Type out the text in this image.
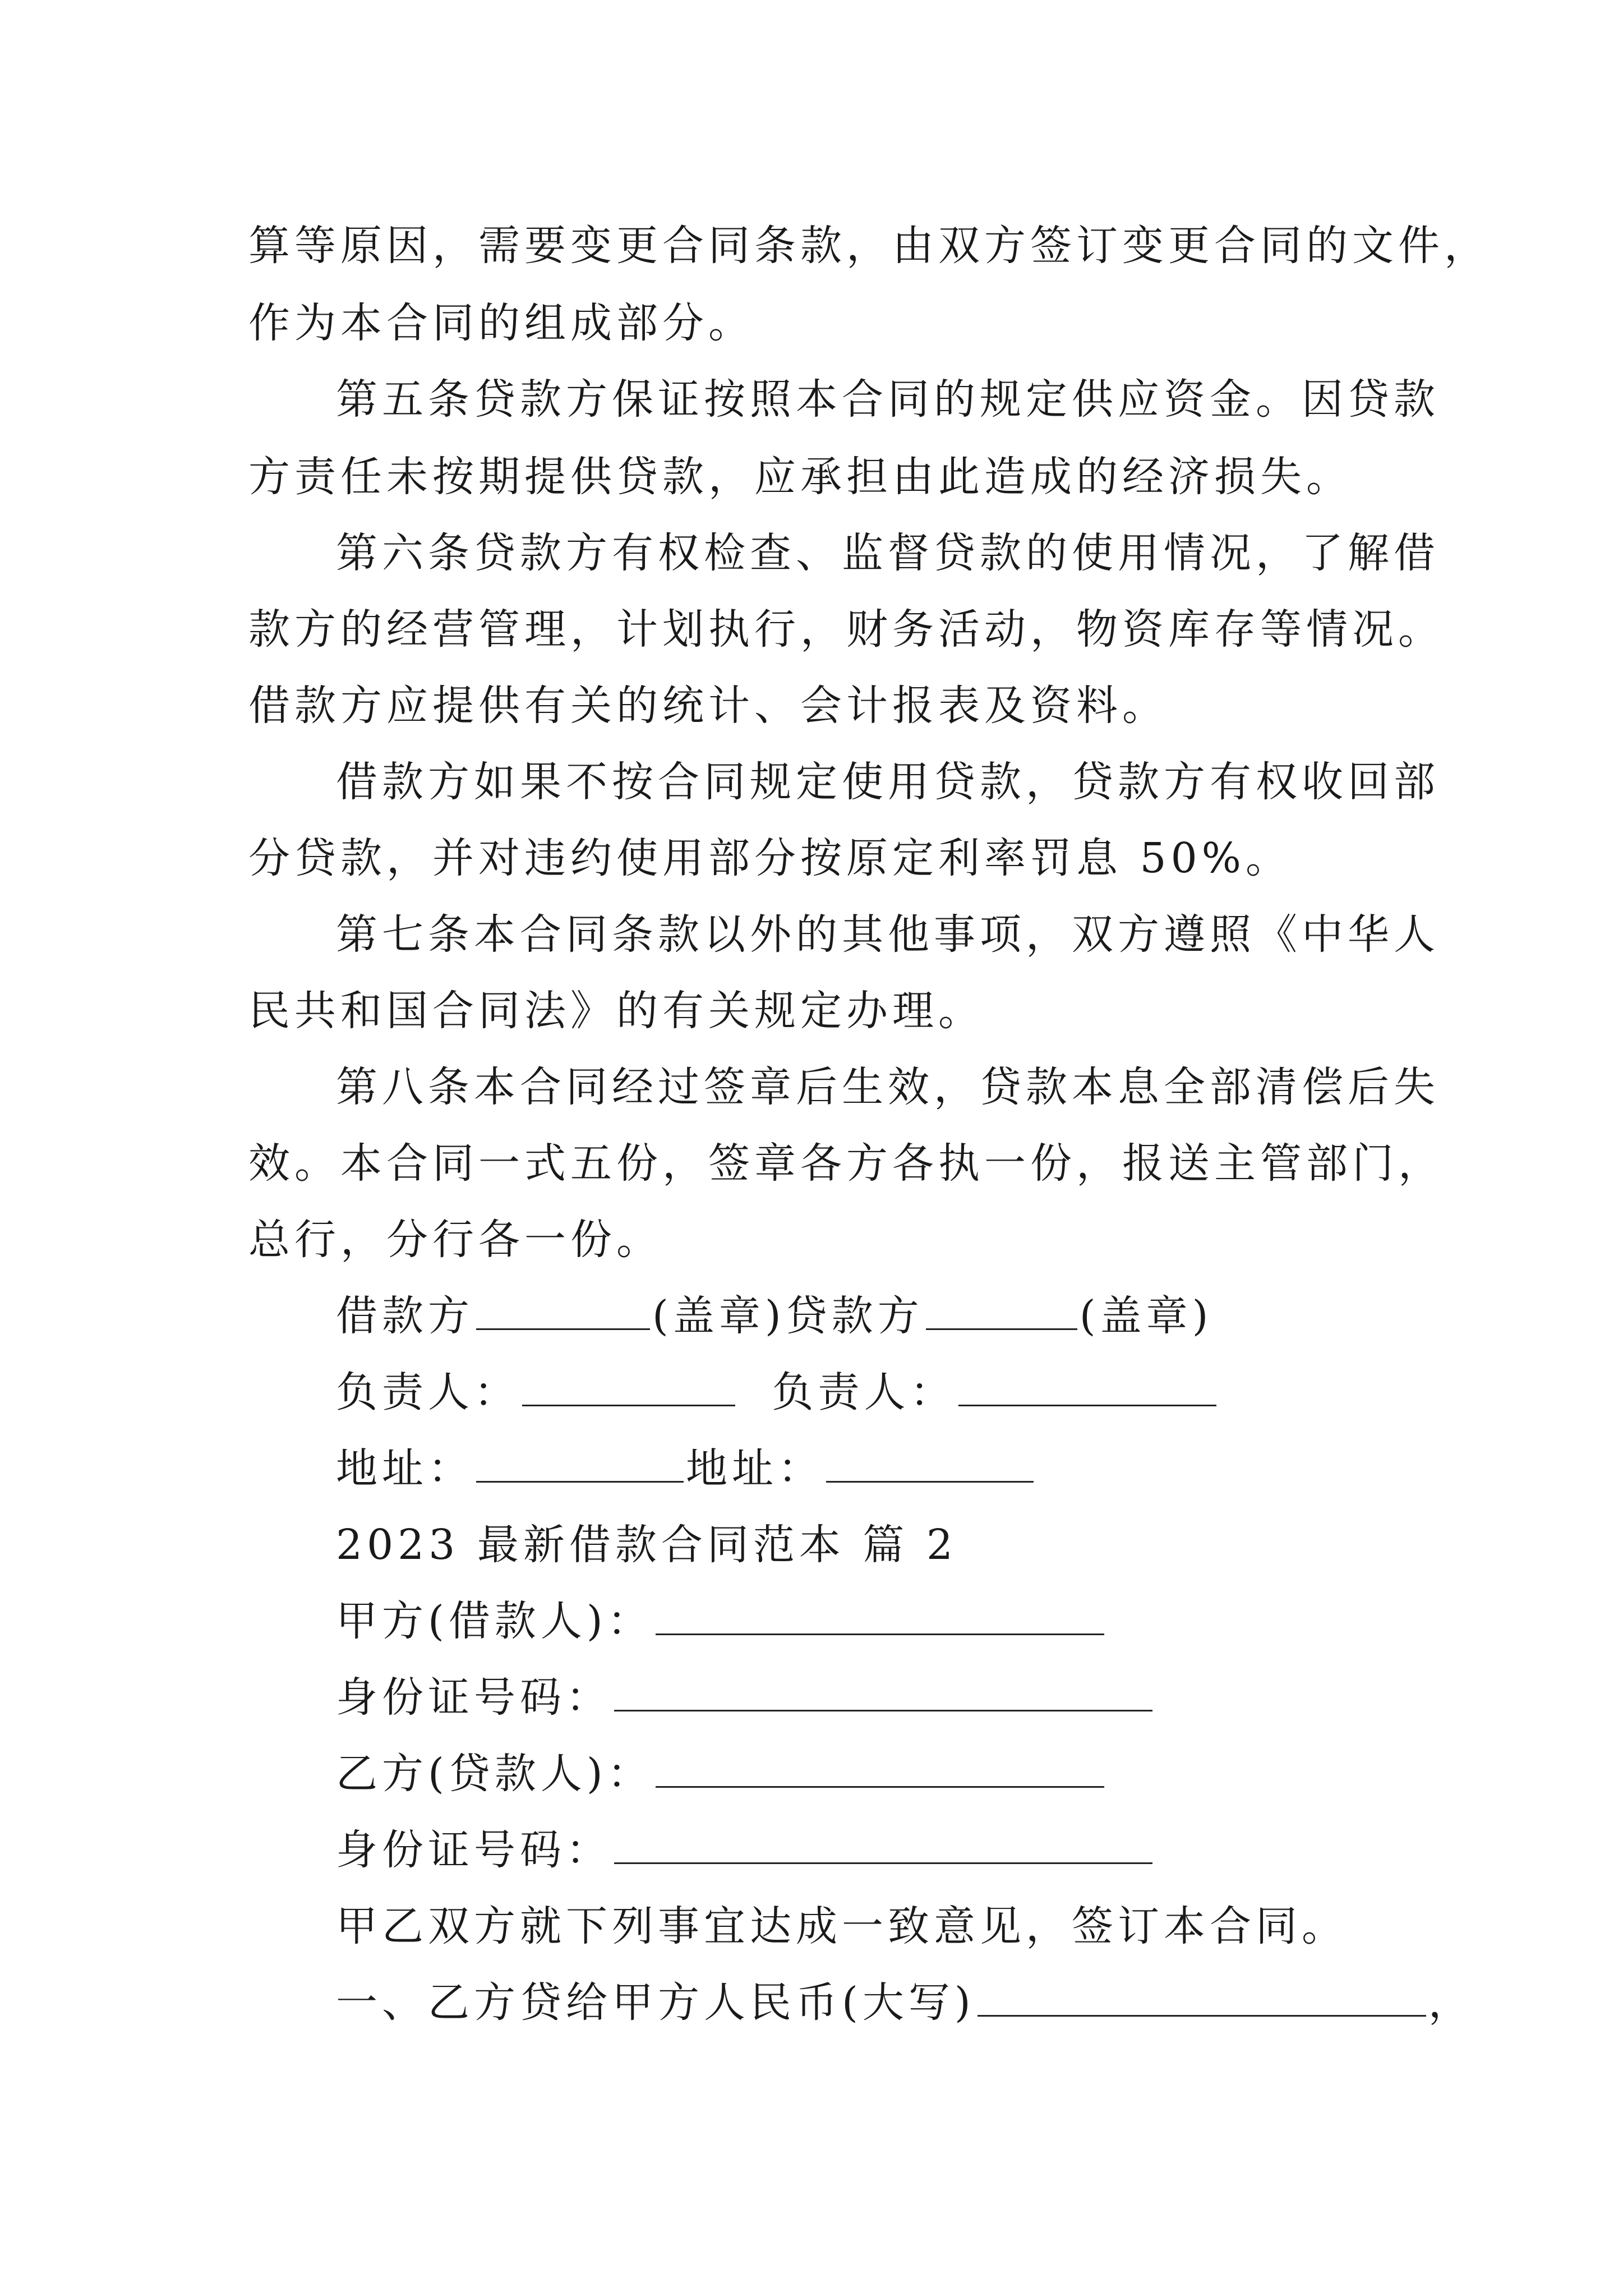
算等原因，需要变更合同条款，由双方签订变更合同的文件，
作为本合同的组成部分。
第五条贷款方保证按照本合同的规定供应资金。因贷款
方责任未按期提供贷款，应承担由此造成的经济损失。
第六条贷款方有权检查、监督贷款的使用情况，了解借
款方的经营管理，计划执行，财务活动，物资库存等情况。
借款方应提供有关的统计、会计报表及资料。
借款方如果不按合同规定使用贷款，贷款方有权收回部
分贷款，并对违约使用部分按原定利率罚息 50%。
第七条本合同条款以外的其他事项，双方遵照《中华人
民共和国合同法》的有关规定办理。
第八条本合同经过签章后生效，贷款本息全部清偿后失
效。本合同一式五份，签章各方各执一份，报送主管部门，
总行，分行各一份。
借款方	(盖章)贷款方	(盖章)
负责人：	负责人：
地址：	地址：
2023 最新借款合同范本 篇 2
甲方(借款人)：
身份证号码：
乙方(贷款人)：
身份证号码：
甲乙双方就下列事宜达成一致意见，签订本合同。
一、乙方贷给甲方人民币(大写)	，
